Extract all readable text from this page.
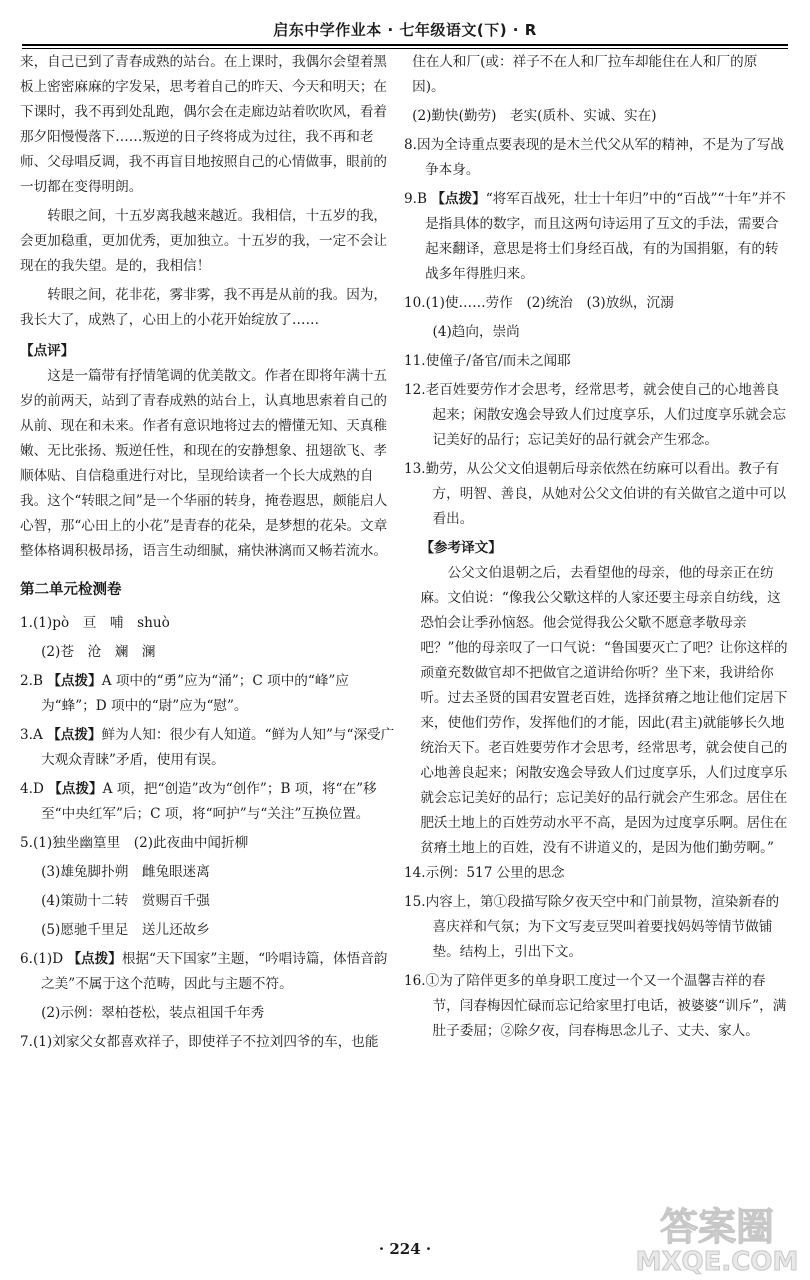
启东中学作业本 · 七年级语文(下) · R

来，自己已到了青春成熟的站台。在上课时，我偶尔会望着黑板上密密麻麻的字发呆，思考着自己的昨天、今天和明天；在下课时，我不再到处乱跑，偶尔会在走廊边站着吹吹风，看着那夕阳慢慢落下……叛逆的日子终将成为过往，我不再和老师、父母唱反调，我不再盲目地按照自己的心情做事，眼前的一切都在变得明朗。

转眼之间，十五岁离我越来越近。我相信，十五岁的我，会更加稳重，更加优秀，更加独立。十五岁的我，一定不会让现在的我失望。是的，我相信！

转眼之间，花非花，雾非雾，我不再是从前的我。因为，我长大了，成熟了，心田上的小花开始绽放了……

【点评】

这是一篇带有抒情笔调的优美散文。作者在即将年满十五岁的前两天，站到了青春成熟的站台上，认真地思索着自己的从前、现在和未来。作者有意识地将过去的懵懂无知、天真稚嫩、无比张扬、叛逆任性，和现在的安静想象、扭翅欲飞、孝顺体贴、自信稳重进行对比，呈现给读者一个长大成熟的自我。这个“转眼之间”是一个华丽的转身，掩卷遐思，颇能启人心智，那“心田上的小花”是青春的花朵，是梦想的花朵。文章整体格调积极昂扬，语言生动细腻，痛快淋漓而又畅若流水。

第二单元检测卷
1.(1)pò　亘　哺　shuò
(2)苍　沧　斓　澜
2.B 【点拨】A 项中的“勇”应为“涌”；C 项中的“峰”应为“蜂”；D 项中的“尉”应为“慰”。
3.A 【点拨】鲜为人知：很少有人知道。“鲜为人知”与“深受广大观众青睐”矛盾，使用有误。
4.D 【点拨】A 项，把“创造”改为“创作”；B 项，将“在”移至“中央红军”后；C 项，将“呵护”与“关注”互换位置。
5.(1)独坐幽篁里　(2)此夜曲中闻折柳
(3)雄兔脚扑朔　雌兔眼迷离
(4)策勋十二转　赏赐百千强
(5)愿驰千里足　送儿还故乡
6.(1)D 【点拨】根据“天下国家”主题，“吟唱诗篇，体悟音韵之美”不属于这个范畴，因此与主题不符。
(2)示例：翠柏苍松，装点祖国千年秀
7.(1)刘家父女都喜欢祥子，即使祥子不拉刘四爷的车，也能
住在人和厂(或：祥子不在人和厂拉车却能住在人和厂的原因)。
(2)勤快(勤劳)　老实(质朴、实诚、实在)
8.因为全诗重点要表现的是木兰代父从军的精神，不是为了写战争本身。
9.B 【点拨】“将军百战死，壮士十年归”中的“百战”“十年”并不是指具体的数字，而且这两句诗运用了互文的手法，需要合起来翻译，意思是将士们身经百战，有的为国捐躯，有的转战多年得胜归来。
10.(1)使……劳作　(2)统治　(3)放纵，沉溺
(4)趋向，崇尚
11.使僮子/备官/而未之闻耶
12.老百姓要劳作才会思考，经常思考，就会使自己的心地善良起来；闲散安逸会导致人们过度享乐，人们过度享乐就会忘记美好的品行；忘记美好的品行就会产生邪念。
13.勤劳，从公父文伯退朝后母亲依然在纺麻可以看出。教子有方，明智、善良，从她对公父文伯讲的有关做官之道中可以看出。

【参考译文】

公父文伯退朝之后，去看望他的母亲，他的母亲正在纺麻。文伯说：“像我公父歜这样的人家还要主母亲自纺线，这恐怕会让季孙恼怒。他会觉得我公父歜不愿意孝敬母亲吧？”他的母亲叹了一口气说：“鲁国要灭亡了吧？让你这样的顽童充数做官却不把做官之道讲给你听？坐下来，我讲给你听。过去圣贤的国君安置老百姓，选择贫瘠之地让他们定居下来，使他们劳作，发挥他们的才能，因此(君主)就能够长久地统治天下。老百姓要劳作才会思考，经常思考，就会使自己的心地善良起来；闲散安逸会导致人们过度享乐，人们过度享乐就会忘记美好的品行；忘记美好的品行就会产生邪念。居住在肥沃土地上的百姓劳动水平不高，是因为过度享乐啊。居住在贫瘠土地上的百姓，没有不讲道义的，是因为他们勤劳啊。”

14.示例：517 公里的思念
15.内容上，第①段描写除夕夜天空中和门前景物，渲染新春的喜庆祥和气氛；为下文写麦豆哭叫着要找妈妈等情节做铺垫。结构上，引出下文。
16.①为了陪伴更多的单身职工度过一个又一个温馨吉祥的春节，闫春梅因忙碌而忘记给家里打电话，被婆婆“训斥”，满肚子委屈；②除夕夜，闫春梅思念儿子、丈夫、家人。
· 224 ·	答案圈
MXQE.COM
